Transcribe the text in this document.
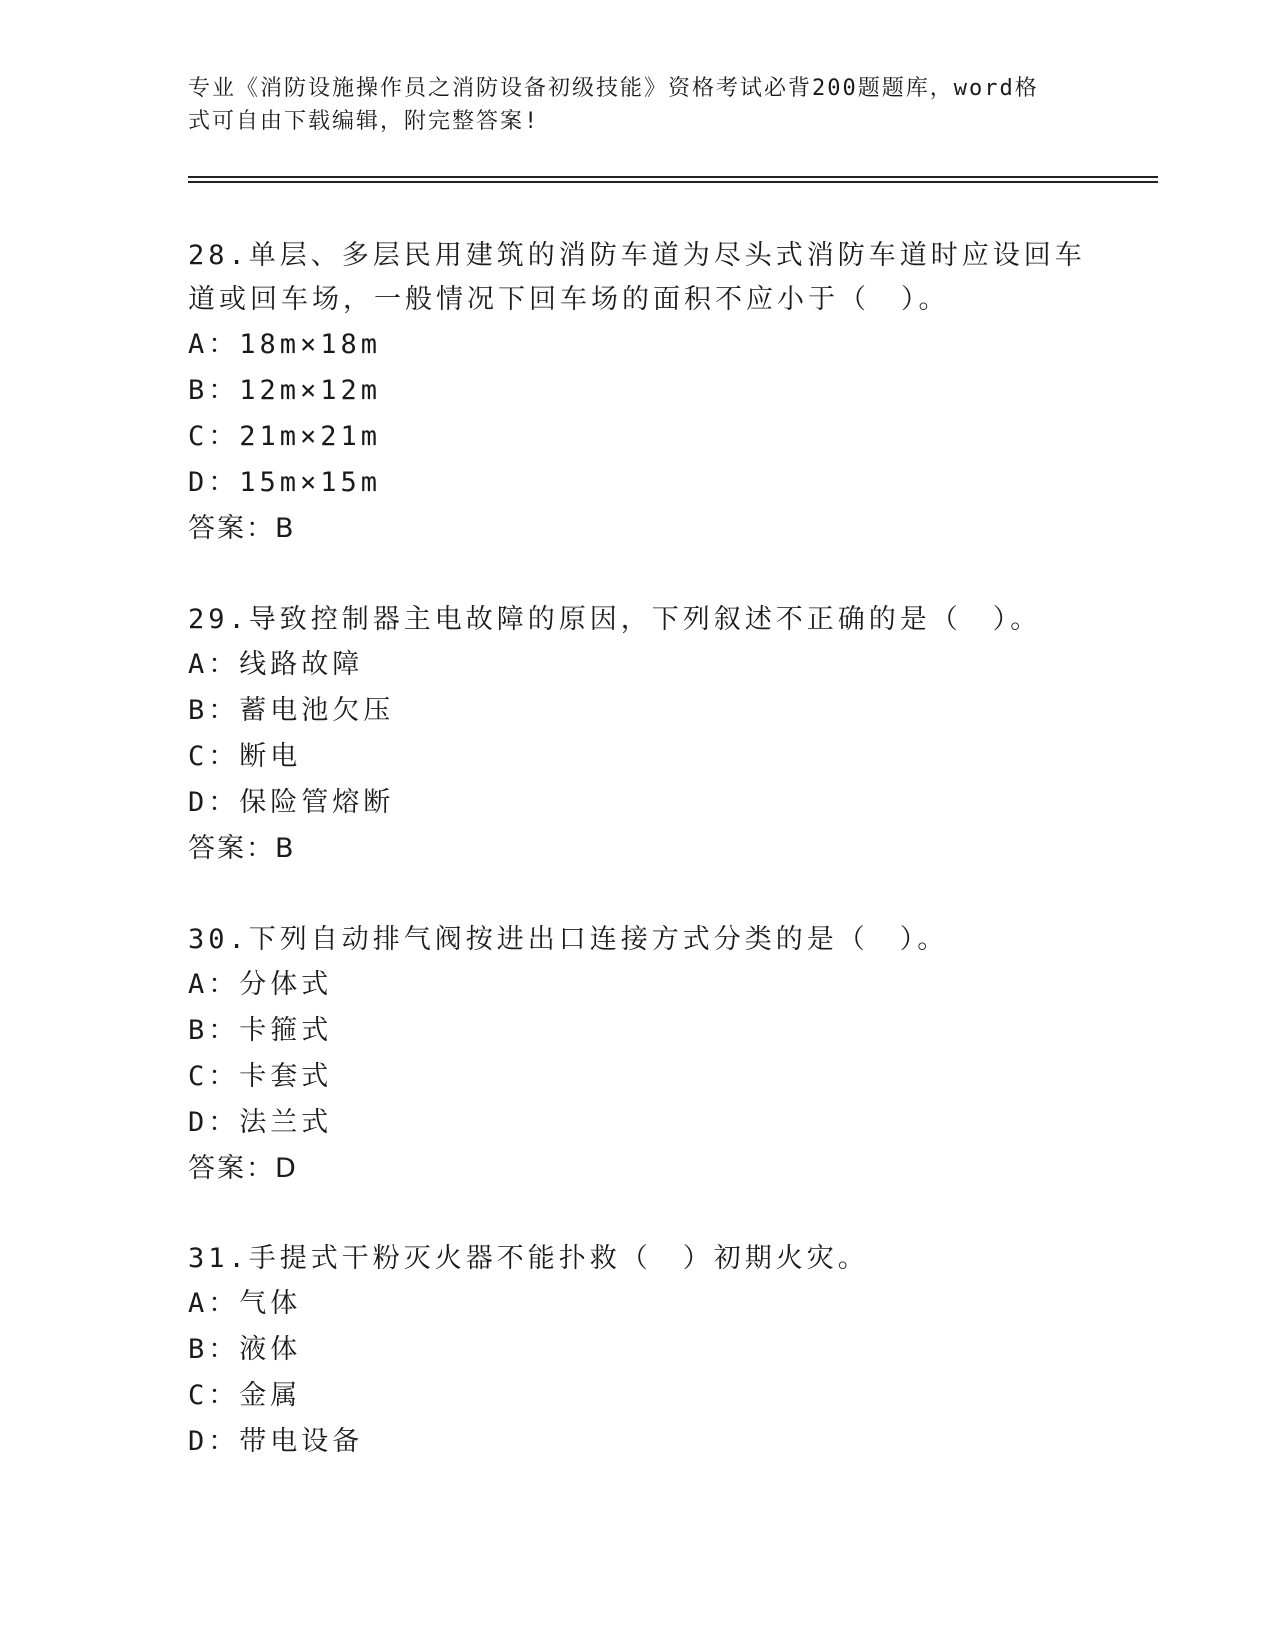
专业《消防设施操作员之消防设备初级技能》资格考试必背200题题库，word格
式可自由下载编辑，附完整答案!
28.单层、多层民用建筑的消防车道为尽头式消防车道时应设回车道或回车场，一般情况下回车场的面积不应小于（　）。
A：18m×18m
B：12m×12m
C：21m×21m
D：15m×15m
答案：B
29.导致控制器主电故障的原因，下列叙述不正确的是（　）。
A：线路故障
B：蓄电池欠压
C：断电
D：保险管熔断
答案：B
30.下列自动排气阀按进出口连接方式分类的是（　）。
A：分体式
B：卡箍式
C：卡套式
D：法兰式
答案：D
31.手提式干粉灭火器不能扑救（　）初期火灾。
A：气体
B：液体
C：金属
D：带电设备
